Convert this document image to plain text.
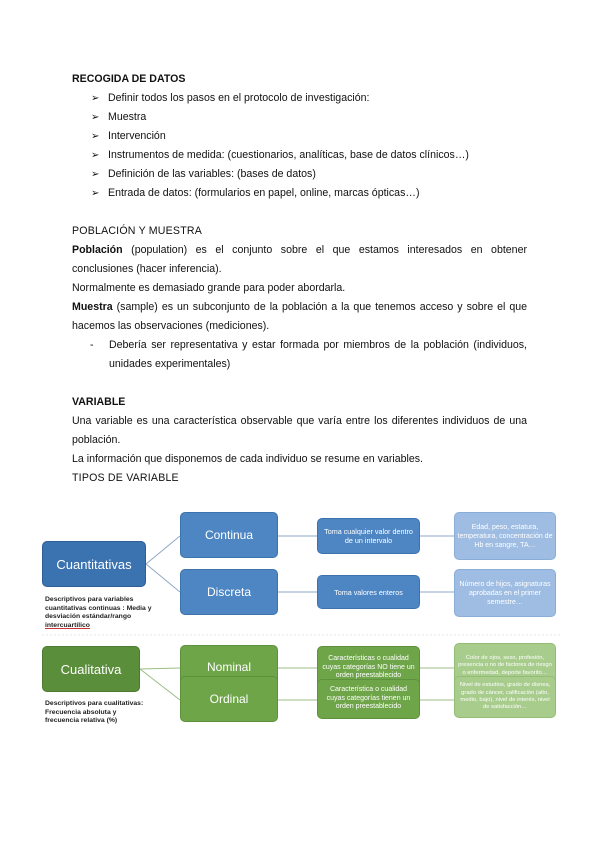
RECOGIDA DE DATOS

➢ Definir todos los pasos en el protocolo de investigación:
➢ Muestra
➢ Intervención
➢ Instrumentos de medida: (cuestionarios, analíticas, base de datos clínicos…)
➢ Definición de las variables: (bases de datos)
➢ Entrada de datos: (formularios en papel, online, marcas ópticas…)

POBLACIÓN Y MUESTRA

Población (population) es el conjunto sobre el que estamos interesados en obtener conclusiones (hacer inferencia).

Normalmente es demasiado grande para poder abordarla.

Muestra (sample) es un subconjunto de la población a la que tenemos acceso y sobre el que hacemos las observaciones (mediciones).

- Debería ser representativa y estar formada por miembros de la población (individuos, unidades experimentales)

VARIABLE

Una variable es una característica observable que varía entre los diferentes individuos de una población.

La información que disponemos de cada individuo se resume en variables.

TIPOS DE VARIABLE

Cuantitativas
Continua
Discreta
Toma cualquier valor dentro de un intervalo
Toma valores enteros
Edad, peso, estatura, temperatura, concentración de Hb en sangre, TA…
Número de hijos, asignaturas aprobadas en el primer semestre…
Descriptivos para variables cuantitativas continuas : Media y desviación estándar/rango intercuartílico
Cualitativa	Nominal
Ordinal
Características o cualidad cuyas categorías NO tiene un orden preestablecido
Característica o cualidad cuyas categorías tienen un orden preestablecido
Color de ojos, sexo, profesión, presencia o no de factores de riesgo o enfermedad, deporte favorito…
Nivel de estudios, grado de disnea, grado de cáncer, calificación (alto, medio, bajo), nivel de interés, nivel de satisfacción…
Descriptivos para cualitativas: Frecuencia absoluta y frecuencia relativa (%)
